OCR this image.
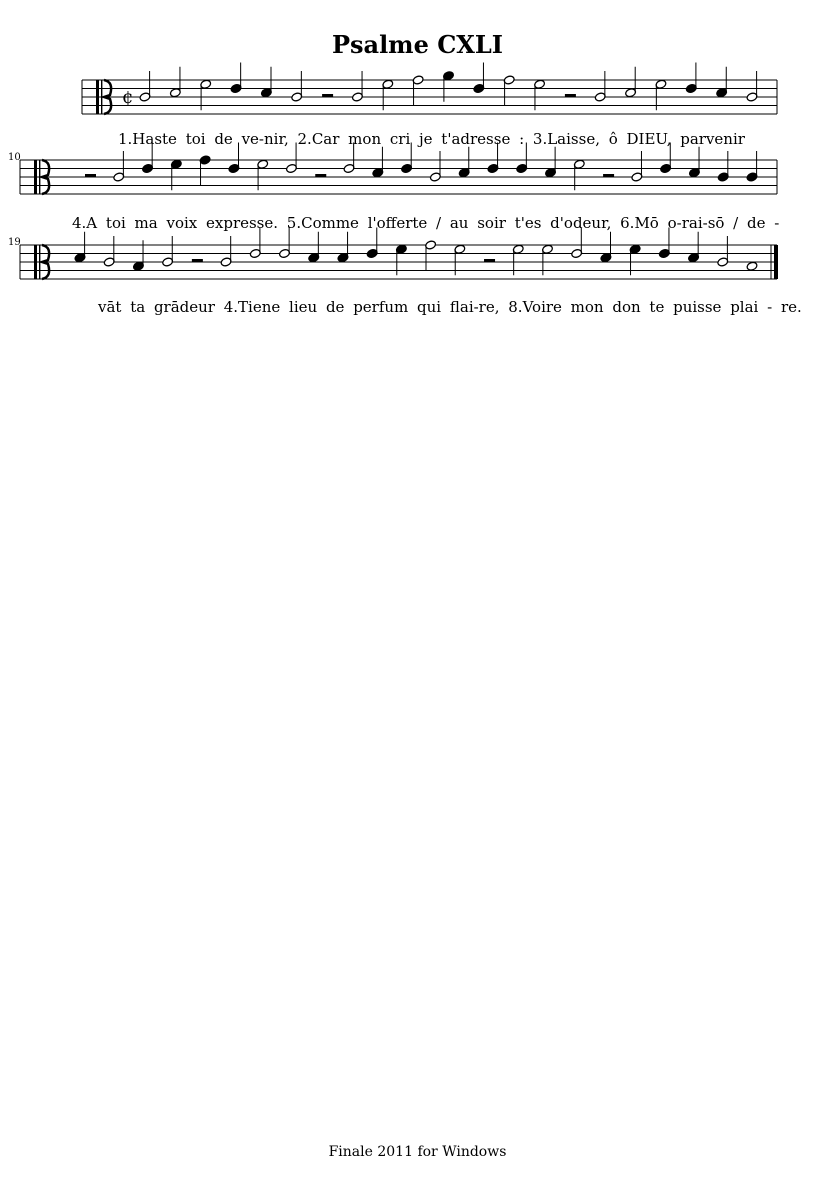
Psalme CXLI
¢
1.Haste toi de ve-nir, 2.Car mon cri je t'adresse : 3.Laisse, ô DIEU, parvenir
10
4.A toi ma voix expresse. 5.Comme l'offerte / au soir t'es d'odeur, 6.Mō o-rai-sō / de -
19
vāt ta grādeur 4.Tiene lieu de perfum qui flai-re, 8.Voire mon don te puisse plai - re.
Finale 2011 for Windows
